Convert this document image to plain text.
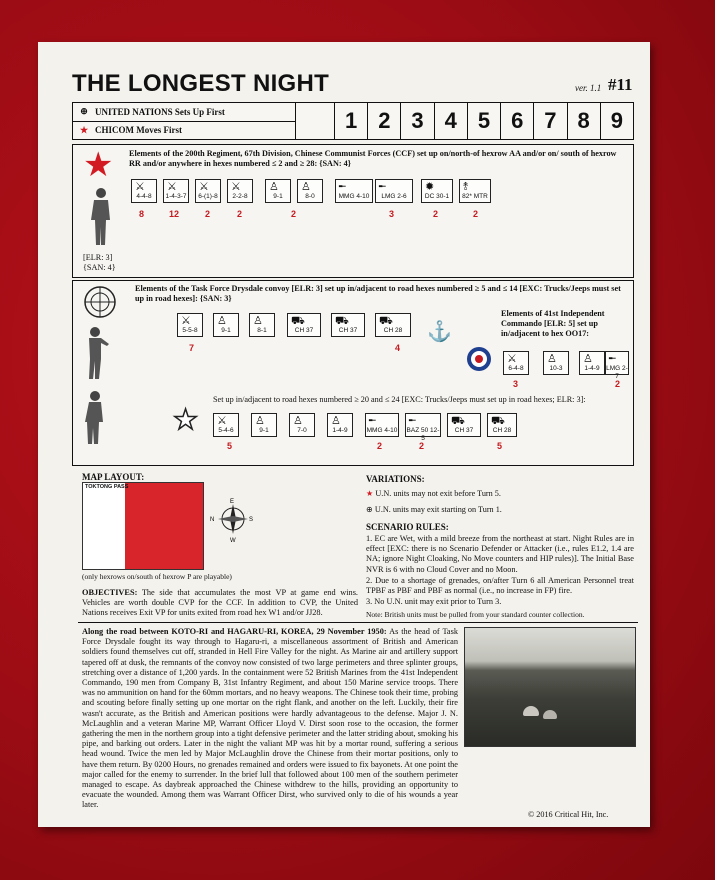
THE LONGEST NIGHT	ver. 1.1 #11
⊕ UNITED NATIONS Sets Up First
★ CHICOM Moves First	1 2 3 4 5 6 7 8 9
★
[ELR: 3]
{SAN: 4}
Elements of the 200th Regiment, 67th Division, Chinese Communist Forces (CCF) set up on/north-of hexrow AA and/or on/ south of hexrow RR and/or anywhere in hexes numbered ≤ 2 and ≥ 28: {SAN: 4}
⚔
4-4-8
⚔
1-4-3-7
⚔
6-(1)-8
⚔
2-2-8
♙
9-1
♙
8-0
╾
MMG 4-10
╾
LMG 2-6
✹
DC 30-1
⥉
82* MTR
8	12	2	2	2	3	2	2
★
⚓
Elements of the Task Force Drysdale convoy [ELR: 3] set up in/adjacent to road hexes numbered ≥ 5 and ≤ 14 [EXC: Trucks/Jeeps must set up in road hexes]: {SAN: 3}
⚔
5-5-8
♙
9-1
♙
8-1
⛟
CH 37
⛟
CH 37
⛟
CH 28
7	4
Elements of 41st Independent Commando [ELR: 5] set up in/adjacent to hex OO17:
⚔
6-4-8
♙
10-3
♙
1-4-9
╾
LMG 2-7
3	2
Set up in/adjacent to road hexes numbered ≥ 20 and ≤ 24 [EXC: Trucks/Jeeps must set up in road hexes; ELR: 3]:
⚔
5-4-6
♙
9-1
♙
7-0
♙
1-4-9
╾
MMG 4-10
╾
BAZ 50 12-5
⛟
CH 37
⛟
CH 28
5	2	2	5
MAP LAYOUT:
TOKTONG PASS
E
N	S
W
(only hexrows on/south of hexrow P are playable)
OBJECTIVES: The side that accumulates the most VP at game end wins. Vehicles are worth double CVP for the CCF. In addition to CVP, the United Nations receives Exit VP for units exited from road hex W1 and/or JJ28.
VARIATIONS:
★ U.N. units may not exit before Turn 5.
⊕ U.N. units may exit starting on Turn 1.
SCENARIO RULES:
1. EC are Wet, with a mild breeze from the northeast at start. Night Rules are in effect [EXC: there is no Scenario Defender or Attacker (i.e., rules E1.2, 1.4 are NA; ignore Night Cloaking, No Move counters and HIP rules)]. The Initial Base NVR is 6 with no Cloud Cover and no Moon.
2. Due to a shortage of grenades, on/after Turn 6 all American Personnel treat TPBF as PBF and PBF as normal (i.e., no increase in FP) fire.
3. No U.N. unit may exit prior to Turn 3.
Note: British units must be pulled from your standard counter collection.
Along the road between KOTO-RI and HAGARU-RI, KOREA, 29 November 1950: As the head of Task Force Drysdale fought its way through to Hagaru-ri, a miscellaneous assortment of British and American soldiers found themselves cut off, stranded in Hell Fire Valley for the night. As Marine air and artillery support tapered off at dusk, the remnants of the convoy now consisted of two large perimeters and three splinter groups, stretching over a distance of 1,200 yards. In the containment were 52 British Marines from the 41st Independent Commando, 190 men from Company B, 31st Infantry Regiment, and about 150 Marine service troops. There was no ammunition on hand for the 60mm mortars, and no heavy weapons. The Chinese took their time, probing and scouting before finally setting up one mortar on the right flank, and another on the left. Luckily, their fire wasn't accurate, as the British and American positions were hardly advantageous to the defense. Major J. N. McLaughlin and a veteran Marine MP, Warrant Officer Lloyd V. Dirst soon rose to the occasion, the former gathering the men in the northern group into a tight defensive perimeter and the latter striding about, smoking his pipe, and barking out orders. Later in the night the valiant MP was hit by a mortar round, suffering a serious head wound. Twice the men led by Major McLaughlin drove the Chinese from their mortar positions, only to have them return. By 0200 Hours, no grenades remained and orders were issued to fix bayonets. At one point the major called for the enemy to surrender. In the brief lull that followed about 100 men of the southern perimeter managed to escape. As daybreak approached the Chinese withdrew to the hills, providing an opportunity to evacuate the wounded. Among them was Warrant Officer Dirst, who survived only to die of his wounds a year later.
© 2016 Critical Hit, Inc.
